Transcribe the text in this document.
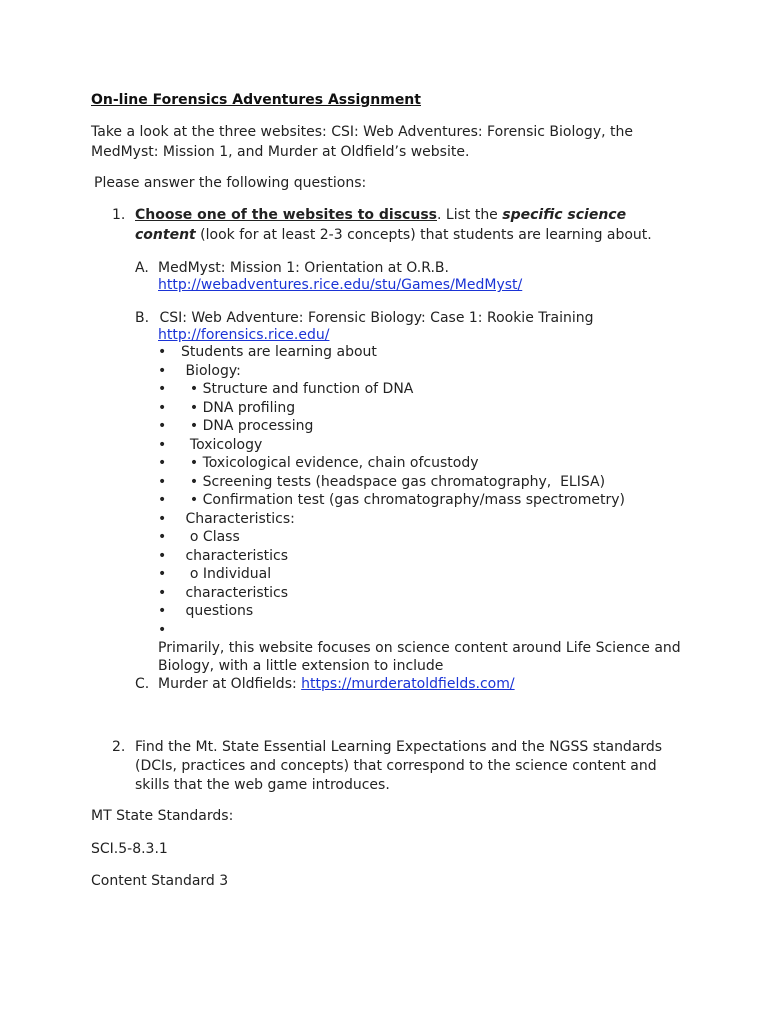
On-line Forensics Adventures Assignment
Take a look at the three websites: CSI: Web Adventures: Forensic Biology, the
MedMyst: Mission 1, and Murder at Oldfield’s website.
Please answer the following questions:
1. Choose one of the websites to discuss. List the specific science
content (look for at least 2-3 concepts) that students are learning about.
A. MedMyst: Mission 1: Orientation at O.R.B.
http://webadventures.rice.edu/stu/Games/MedMyst/
B. CSI: Web Adventure: Forensic Biology: Case 1: Rookie Training
http://forensics.rice.edu/
• Students are learning about
• Biology:
• • Structure and function of DNA
• • DNA profiling
• • DNA processing
• Toxicology
• • Toxicological evidence, chain ofcustody
• • Screening tests (headspace gas chromatography,  ELISA)
• • Confirmation test (gas chromatography/mass spectrometry)
• Characteristics:
• o Class
• characteristics
• o Individual
• characteristics
• questions
•
Primarily, this website focuses on science content around Life Science and
Biology, with a little extension to include
C. Murder at Oldfields: https://murderatoldfields.com/
2. Find the Mt. State Essential Learning Expectations and the NGSS standards
(DCIs, practices and concepts) that correspond to the science content and
skills that the web game introduces.
MT State Standards:
SCI.5-8.3.1
Content Standard 3
